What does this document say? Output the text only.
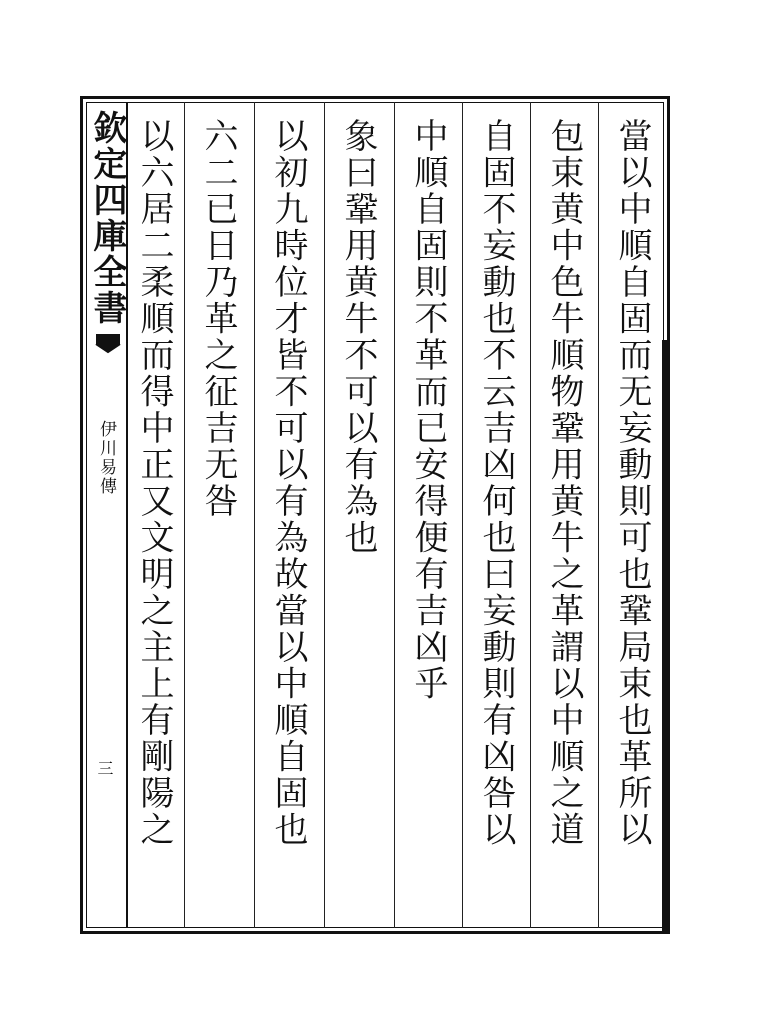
欽定四庫全書
伊川易傳
三	當以中順自固而无妄動則可也鞏局束也革所以
包束黄中色牛順物鞏用黄牛之革謂以中順之道
自固不妄動也不云吉凶何也曰妄動則有凶咎以
中順自固則不革而已安得便有吉凶乎
象曰鞏用黄牛不可以有為也
以初九時位才皆不可以有為故當以中順自固也
六二已日乃革之征吉无咎
以六居二柔順而得中正又文明之主上有剛陽之
